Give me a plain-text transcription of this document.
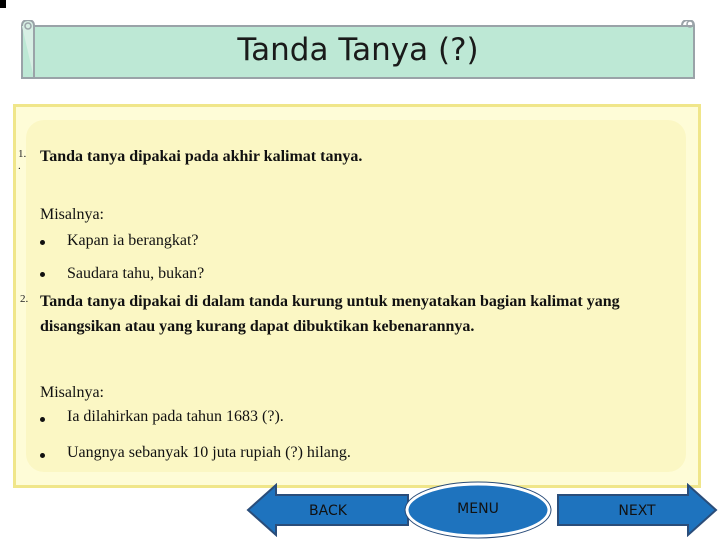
Tanda Tanya (?)
1.
.
Tanda tanya dipakai pada akhir kalimat tanya.
Misalnya:
Kapan ia berangkat?
Saudara tahu, bukan?
2. Tanda tanya dipakai di dalam tanda kurung untuk menyatakan bagian kalimat yang
disangsikan atau yang kurang dapat dibuktikan kebenarannya.
Misalnya:
Ia dilahirkan pada tahun 1683 (?).
Uangnya sebanyak 10 juta rupiah (?) hilang.
BACK	MENU	NEXT
